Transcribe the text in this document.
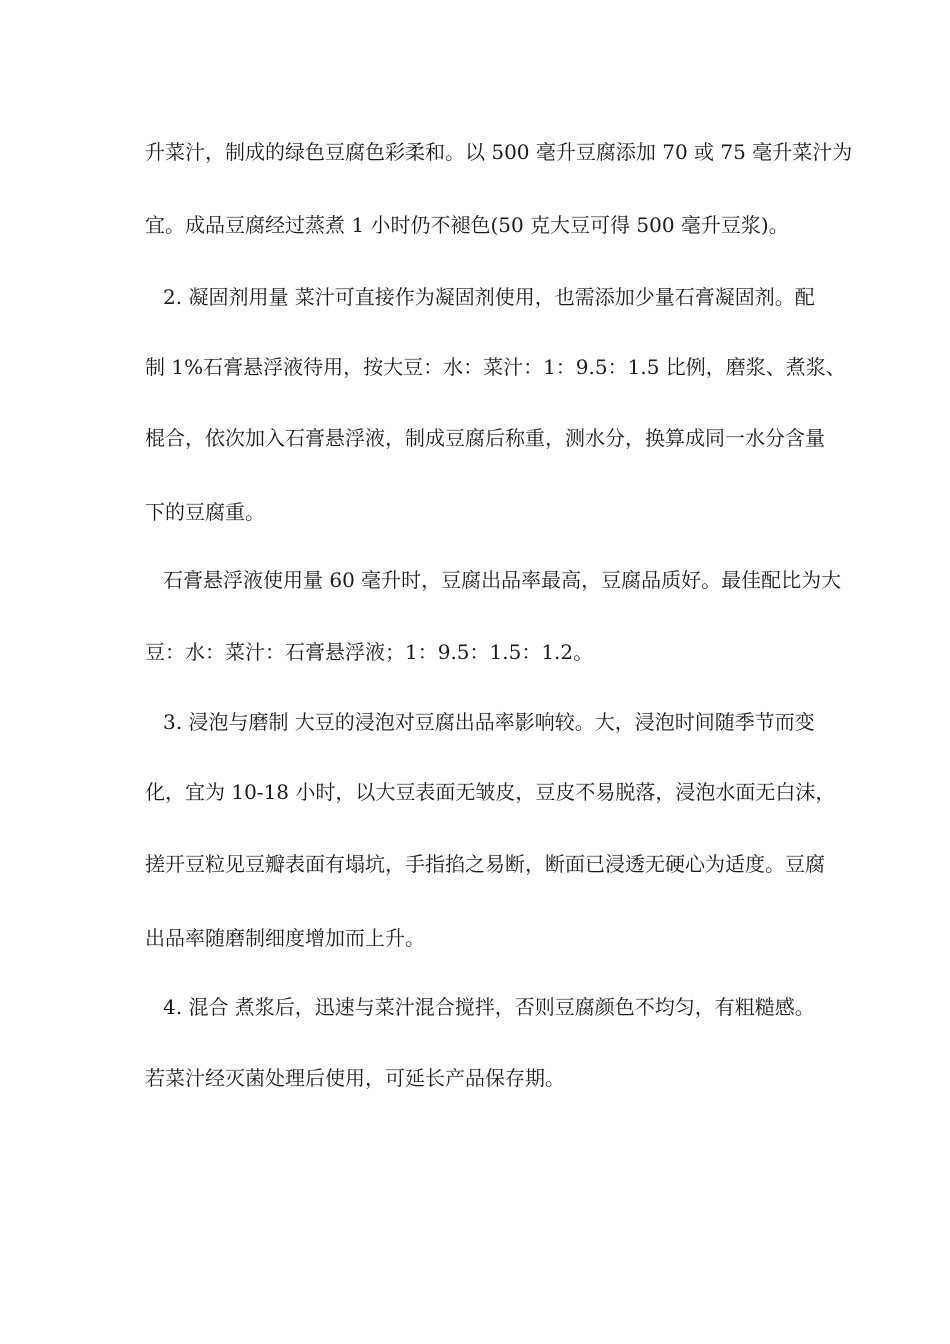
升菜汁，制成的绿色豆腐色彩柔和。以 500 毫升豆腐添加 70 或 75 毫升菜汁为
宜。成品豆腐经过蒸煮 1 小时仍不褪色(50 克大豆可得 500 毫升豆浆)。
2. 凝固剂用量 菜汁可直接作为凝固剂使用，也需添加少量石膏凝固剂。配
制 1%石膏悬浮液待用，按大豆：水：菜汁：1：9.5：1.5 比例，磨浆、煮浆、
棍合，依次加入石膏悬浮液，制成豆腐后称重，测水分，换算成同一水分含量
下的豆腐重。
石膏悬浮液使用量 60 毫升时，豆腐出品率最高，豆腐品质好。最佳配比为大
豆：水：菜汁：石膏悬浮液；1：9.5：1.5：1.2。
3. 浸泡与磨制 大豆的浸泡对豆腐出品率影响较。大，浸泡时间随季节而变
化，宜为 10-18 小时，以大豆表面无皱皮，豆皮不易脱落，浸泡水面无白沫，
搓开豆粒见豆瓣表面有塌坑，手指掐之易断，断面已浸透无硬心为适度。豆腐
出品率随磨制细度增加而上升。
4. 混合 煮浆后，迅速与菜汁混合搅拌，否则豆腐颜色不均匀，有粗糙感。
若菜汁经灭菌处理后使用，可延长产品保存期。
